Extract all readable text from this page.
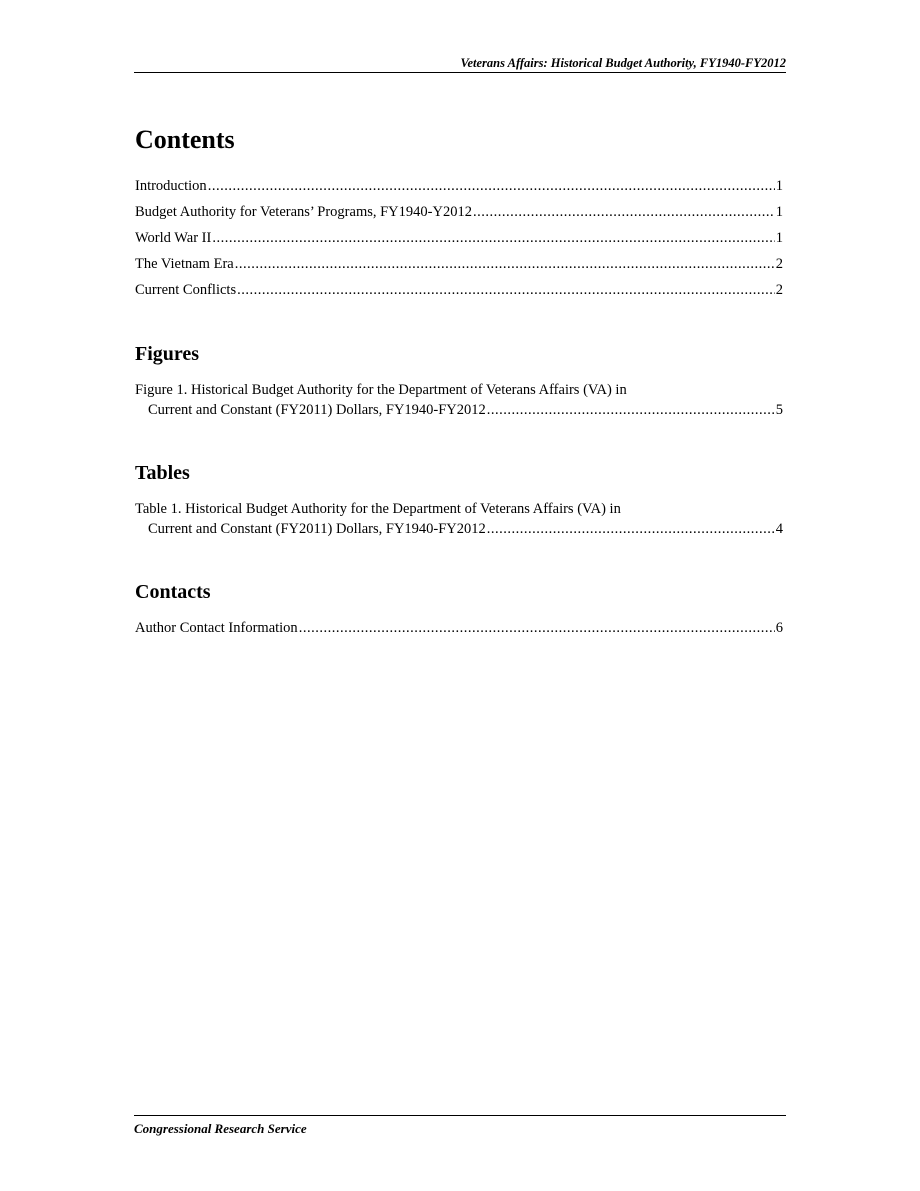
Veterans Affairs: Historical Budget Authority, FY1940-FY2012
Contents
Introduction .....	1
Budget Authority for Veterans’ Programs, FY1940-Y2012 .....	1
World War II .....	1
The Vietnam Era .....	2
Current Conflicts .....	2
Figures
Figure 1. Historical Budget Authority for the Department of Veterans Affairs (VA) in
Current and Constant (FY2011) Dollars, FY1940-FY2012 .....	5
Tables
Table 1. Historical Budget Authority for the Department of Veterans Affairs (VA) in
Current and Constant (FY2011) Dollars, FY1940-FY2012 .....	4
Contacts
Author Contact Information .....	6
Congressional Research Service
